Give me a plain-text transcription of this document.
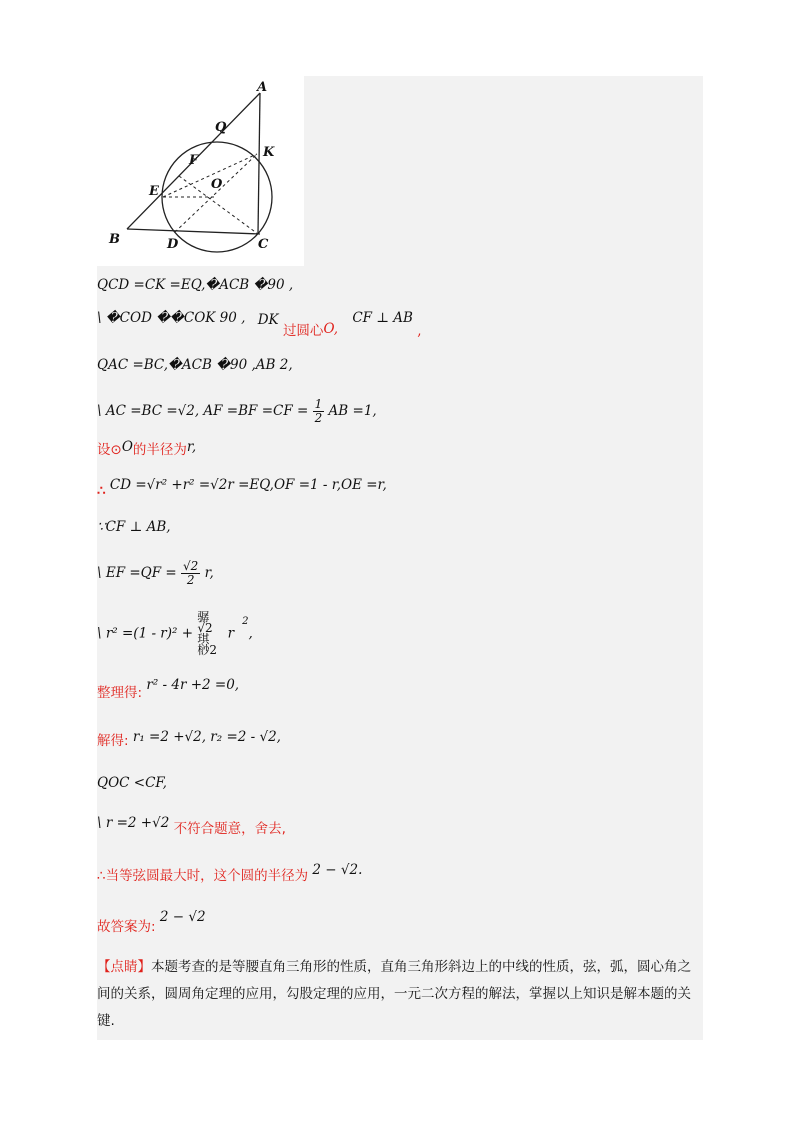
A
Q
K
F
O
E
B	D	C
QCD =CK =EQ,�ACB �90 ,
\ �COD ��COK 90 , DK 过圆心O, CF ⊥ AB ,
QAC =BC,�ACB �90 ,AB 2,
\ AC =BC =√2, AF $=BF =CF = \frac{1}{2}$ AB =1,
设⊙O的半径为r,
∴ CD =√r² +r² =√2r =EQ,OF =1 - r,OE =r,
∵CF ⊥ AB,
\ EF $=QF = \frac{√2}{2} r$,
\ r² =(1 - r)² + 骣√2 琪 桫2 $r^2$,
整理得: r² - 4r +2 =0,
解得: r₁ =2 +√2, r₂ =2 - √2,
QOC <CF,
\ r =2 +√2 不符合题意，舍去,
∴当等弦圆最大时，这个圆的半径为 2 − √2.
故答案为: 2 − √2
【点睛】本题考查的是等腰直角三角形的性质，直角三角形斜边上的中线的性质，弦，弧，圆心角之间的关系，圆周角定理的应用，勾股定理的应用，一元二次方程的解法，掌握以上知识是解本题的关键.
